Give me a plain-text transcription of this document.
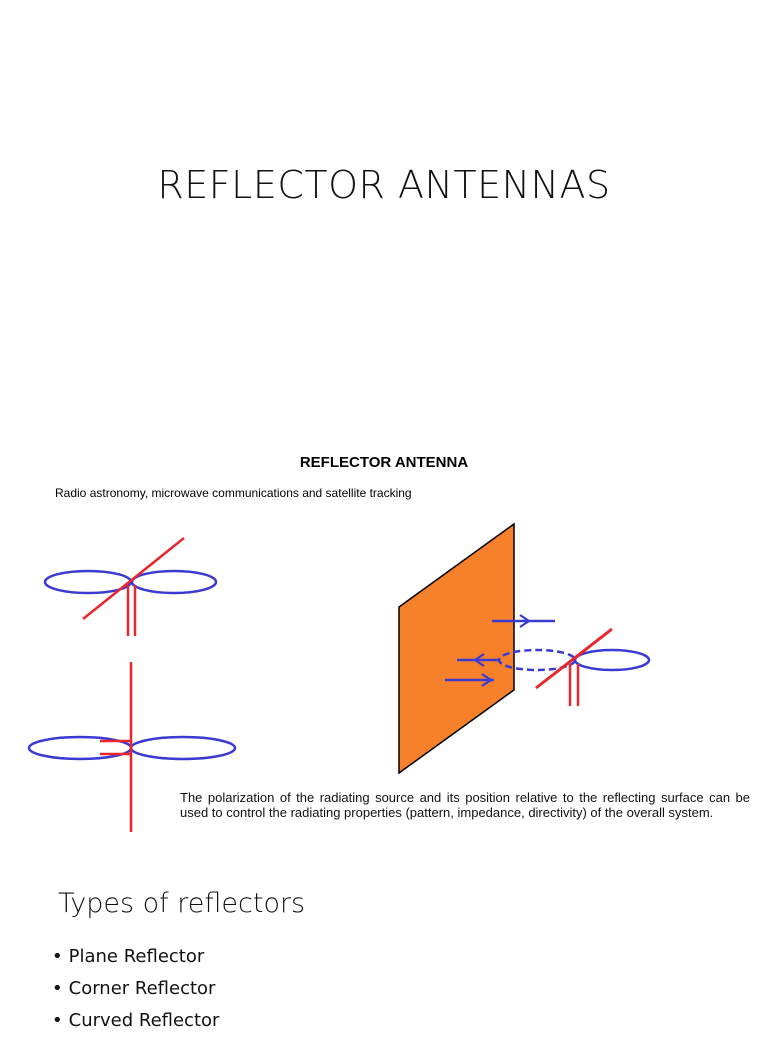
REFLECTOR ANTENNAS
REFLECTOR ANTENNA
Radio astronomy, microwave communications and satellite tracking
The polarization of the radiating source and its position relative to the reflecting surface can be used to control the radiating properties (pattern, impedance, directivity) of the overall system.
Types of reflectors
• Plane Reflector
• Corner Reflector
• Curved Reflector
